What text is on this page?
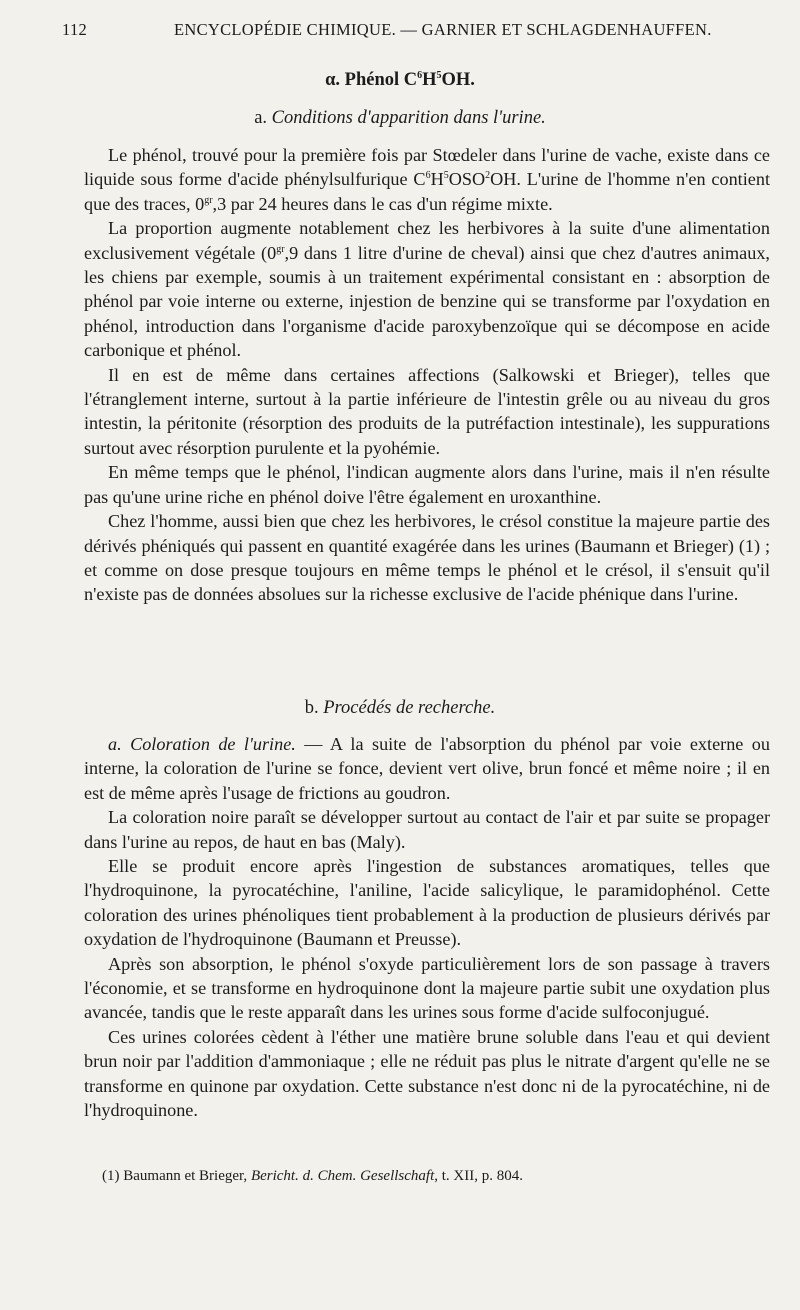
112	ENCYCLOPÉDIE CHIMIQUE. — GARNIER ET SCHLAGDENHAUFFEN.
α. Phénol $C^6H^5OH$.
a. Conditions d'apparition dans l'urine.

Le phénol, trouvé pour la première fois par Stœdeler dans l'urine de vache, existe dans ce liquide sous forme d'acide phénylsulfurique $C^6H^5OSO^2OH$. L'urine de l'homme n'en contient que des traces, $0^{gr},3$ par 24 heures dans le cas d'un régime mixte.

La proportion augmente notablement chez les herbivores à la suite d'une alimentation exclusivement végétale ($0^{gr},9$ dans 1 litre d'urine de cheval) ainsi que chez d'autres animaux, les chiens par exemple, soumis à un traitement expérimental consistant en : absorption de phénol par voie interne ou externe, injestion de benzine qui se transforme par l'oxydation en phénol, introduction dans l'organisme d'acide paroxybenzoïque qui se décompose en acide carbonique et phénol.

Il en est de même dans certaines affections (Salkowski et Brieger), telles que l'étranglement interne, surtout à la partie inférieure de l'intestin grêle ou au niveau du gros intestin, la péritonite (résorption des produits de la putréfaction intestinale), les suppurations surtout avec résorption purulente et la pyohémie.

En même temps que le phénol, l'indican augmente alors dans l'urine, mais il n'en résulte pas qu'une urine riche en phénol doive l'être également en uroxanthine.

Chez l'homme, aussi bien que chez les herbivores, le crésol constitue la majeure partie des dérivés phéniqués qui passent en quantité exagérée dans les urines (Baumann et Brieger) (1) ; et comme on dose presque toujours en même temps le phénol et le crésol, il s'ensuit qu'il n'existe pas de données absolues sur la richesse exclusive de l'acide phénique dans l'urine.

b. Procédés de recherche.

a. Coloration de l'urine. — A la suite de l'absorption du phénol par voie externe ou interne, la coloration de l'urine se fonce, devient vert olive, brun foncé et même noire ; il en est de même après l'usage de frictions au goudron.

La coloration noire paraît se développer surtout au contact de l'air et par suite se propager dans l'urine au repos, de haut en bas (Maly).

Elle se produit encore après l'ingestion de substances aromatiques, telles que l'hydroquinone, la pyrocatéchine, l'aniline, l'acide salicylique, le paramidophénol. Cette coloration des urines phénoliques tient probablement à la production de plusieurs dérivés par oxydation de l'hydroquinone (Baumann et Preusse).

Après son absorption, le phénol s'oxyde particulièrement lors de son passage à travers l'économie, et se transforme en hydroquinone dont la majeure partie subit une oxydation plus avancée, tandis que le reste apparaît dans les urines sous forme d'acide sulfoconjugué.

Ces urines colorées cèdent à l'éther une matière brune soluble dans l'eau et qui devient brun noir par l'addition d'ammoniaque ; elle ne réduit pas plus le nitrate d'argent qu'elle ne se transforme en quinone par oxydation. Cette substance n'est donc ni de la pyrocatéchine, ni de l'hydroquinone.

(1) Baumann et Brieger, Bericht. d. Chem. Gesellschaft, t. XII, p. 804.
